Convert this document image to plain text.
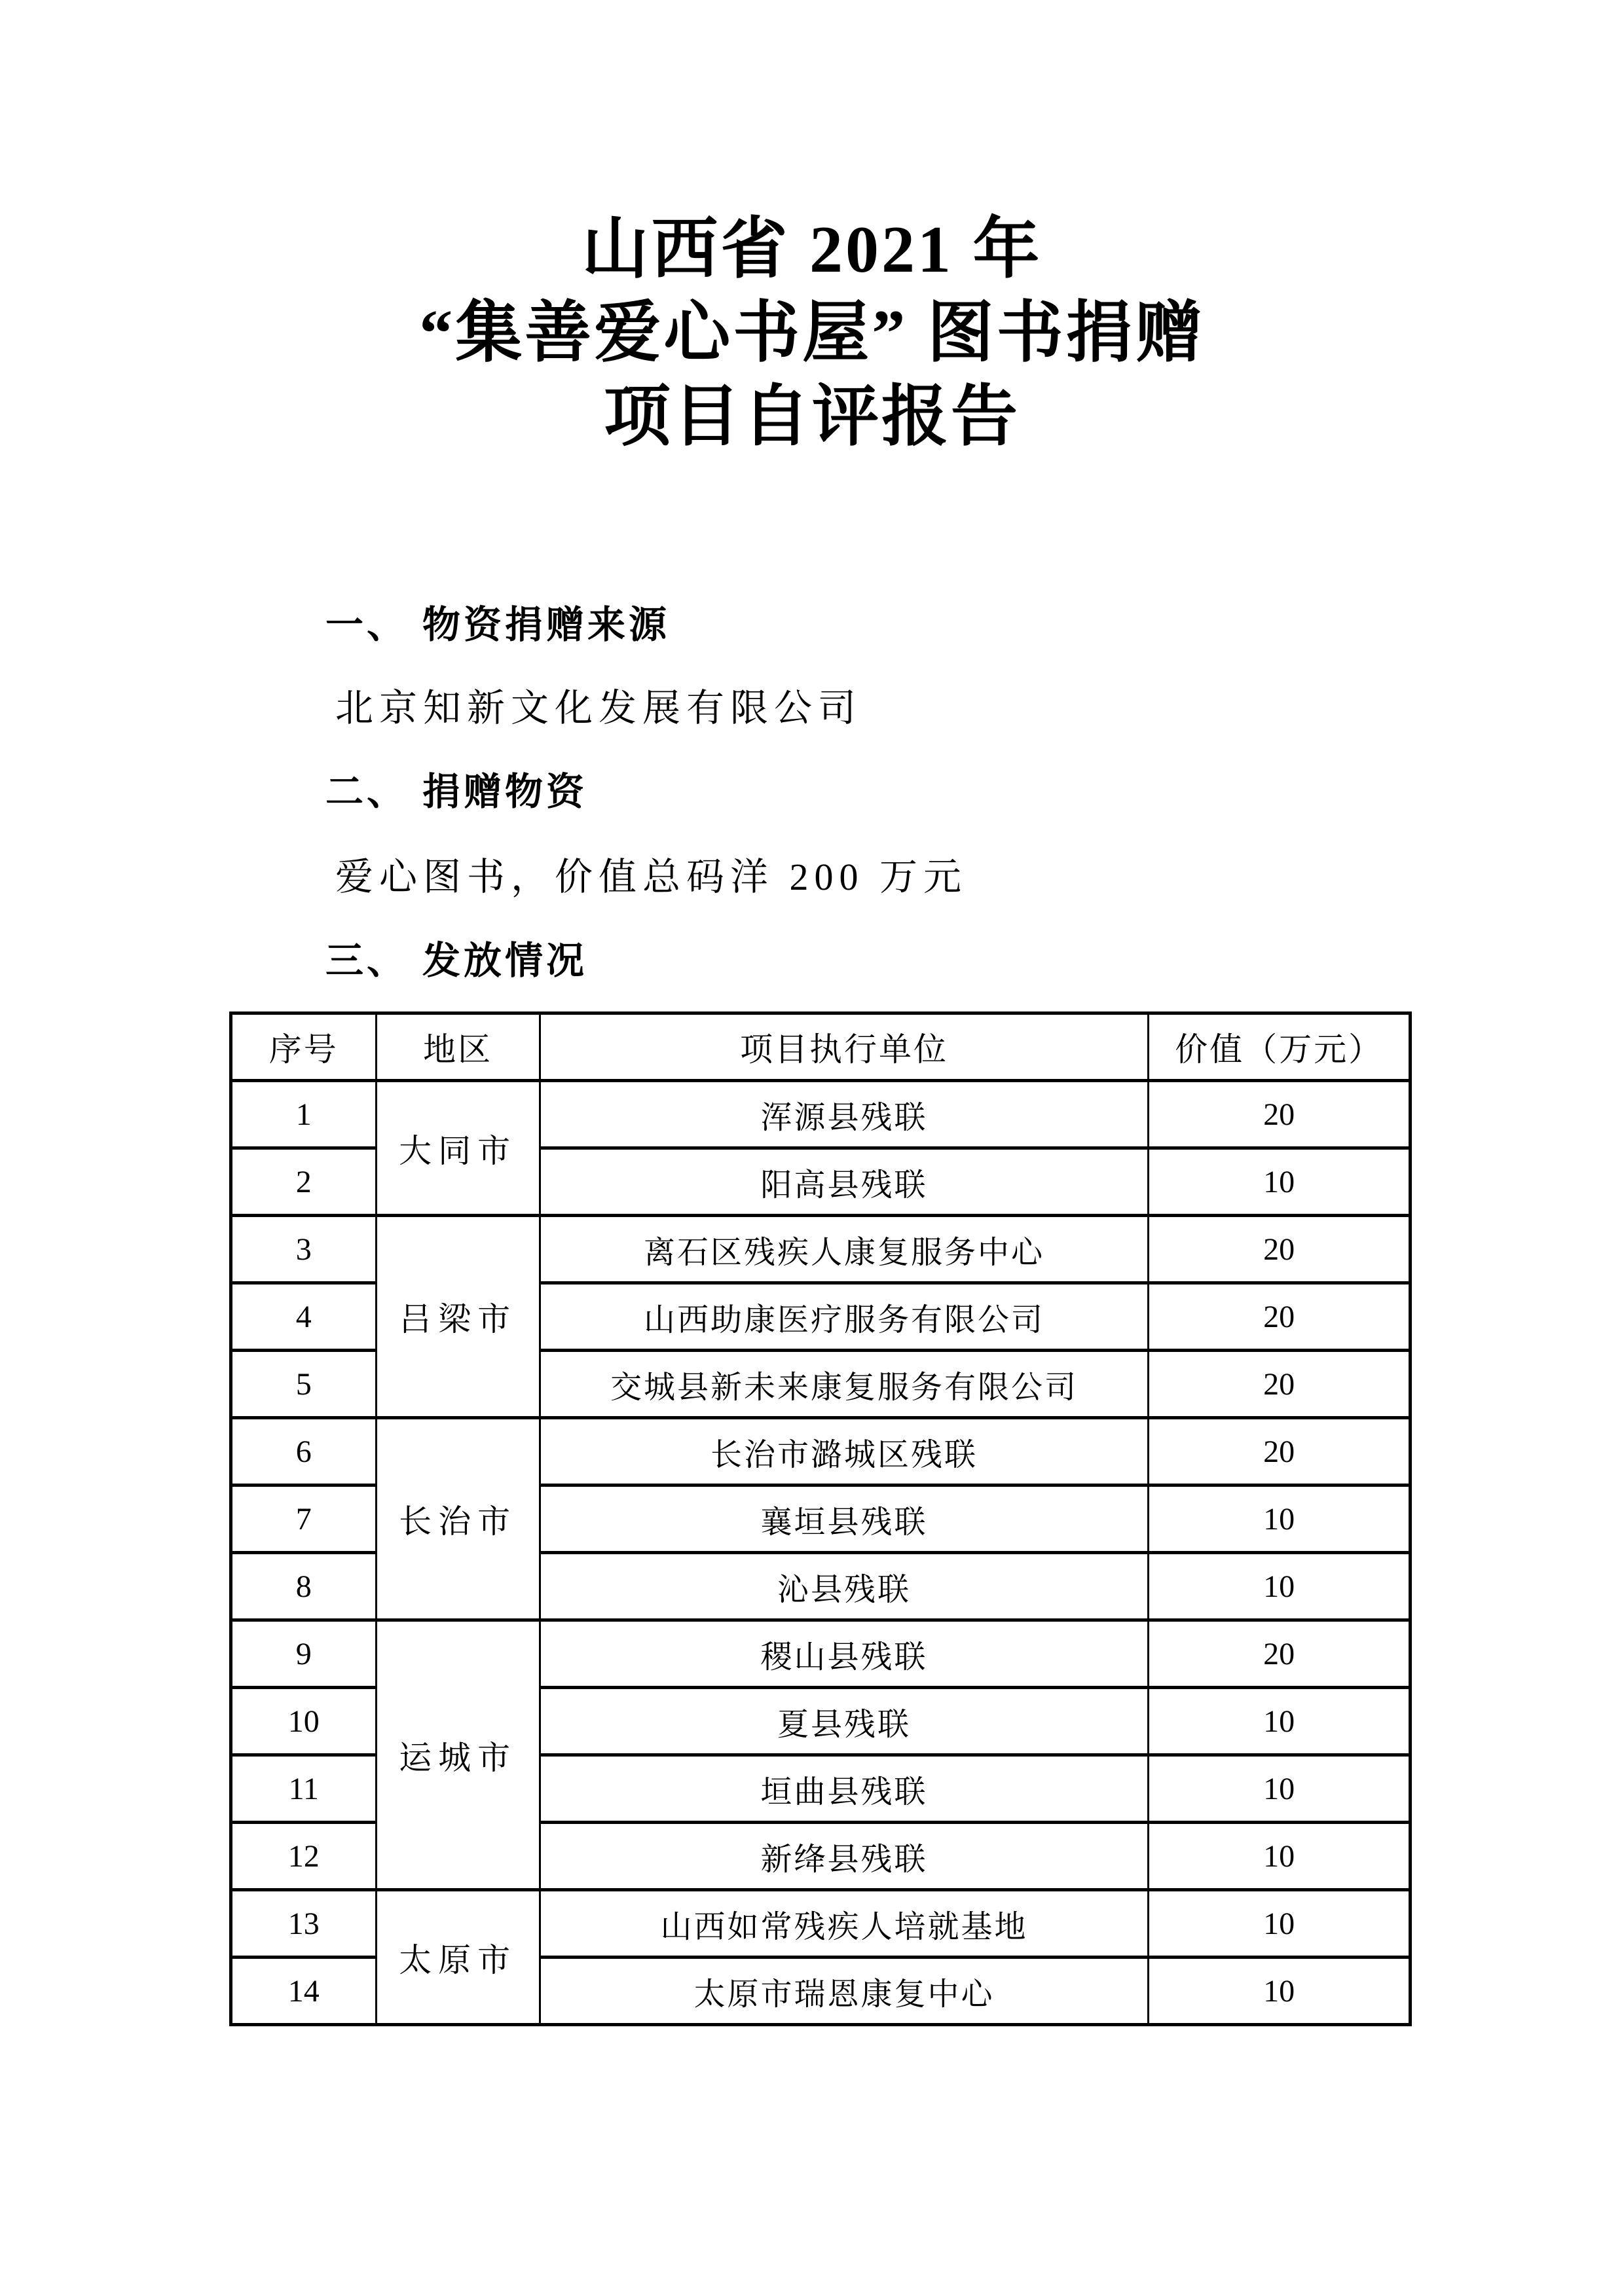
山西省 2021 年
“集善爱心书屋” 图书捐赠
项目自评报告
一、 物资捐赠来源
北京知新文化发展有限公司
二、 捐赠物资
爱心图书，价值总码洋 200 万元
三、 发放情况
序号	地区	项目执行单位	价值（万元）
1	大同市	浑源县残联	20
2		阳高县残联	10
3	吕梁市	离石区残疾人康复服务中心	20
4		山西助康医疗服务有限公司	20
5		交城县新未来康复服务有限公司	20
6	长治市	长治市潞城区残联	20
7		襄垣县残联	10
8		沁县残联	10
9	运城市	稷山县残联	20
10		夏县残联	10
11		垣曲县残联	10
12		新绛县残联	10
13	太原市	山西如常残疾人培就基地	10
14		太原市瑞恩康复中心	10
